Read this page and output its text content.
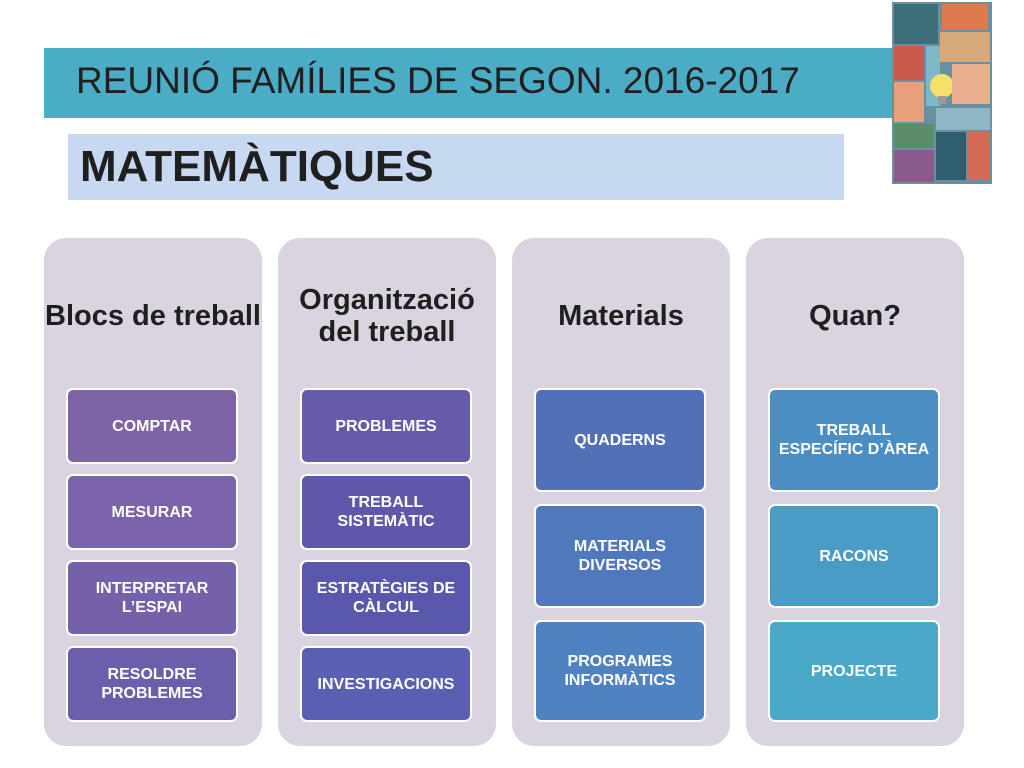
REUNIÓ FAMÍLIES DE SEGON. 2016-2017
MATEMÀTIQUES
Blocs de treball
COMPTAR
MESURAR
INTERPRETAR L’ESPAI
RESOLDRE PROBLEMES
Organització del treball
PROBLEMES
TREBALL SISTEMÀTIC
ESTRATÈGIES DE CÀLCUL
INVESTIGACIONS
Materials
QUADERNS
MATERIALS DIVERSOS
PROGRAMES INFORMÀTICS
Quan?
TREBALL ESPECÍFIC D’ÀREA
RACONS
PROJECTE
